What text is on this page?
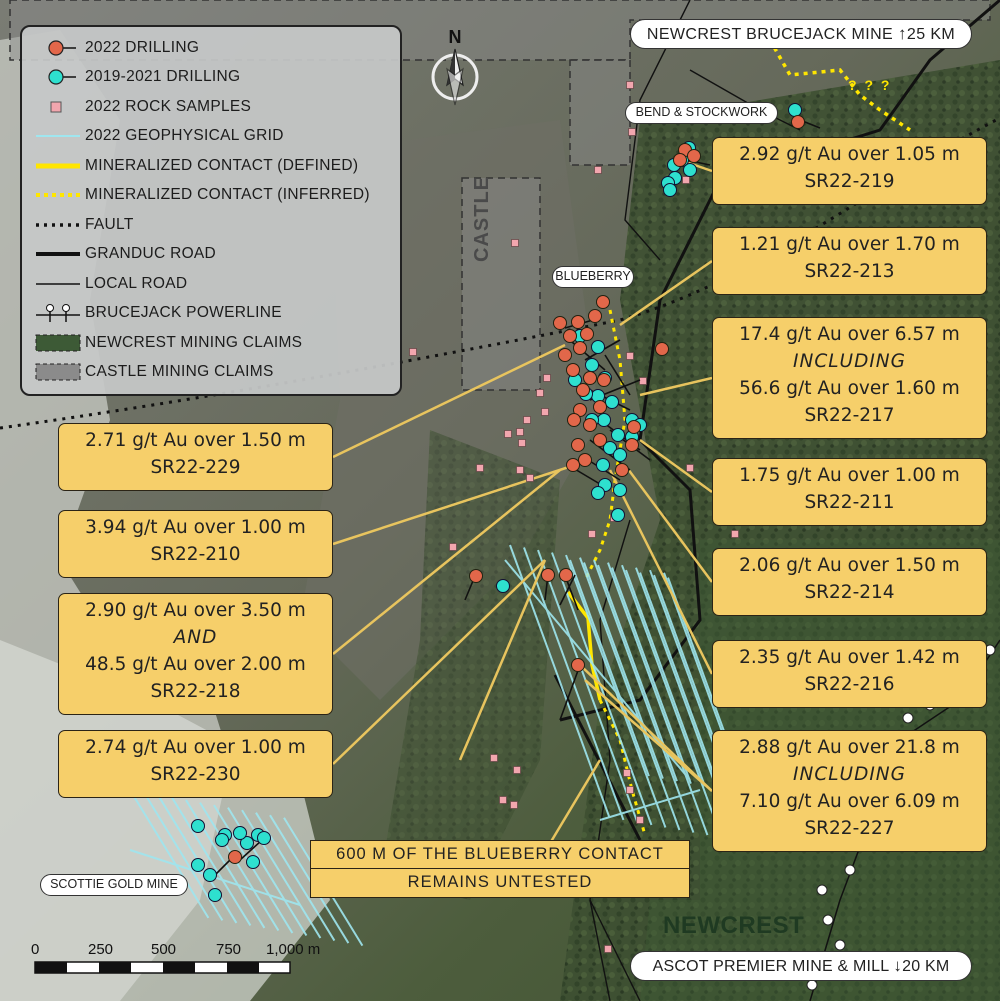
CASTLE
NEWCREST
? ? ?
N
2022 DRILLING
2019-2021 DRILLING
2022 ROCK SAMPLES
2022 GEOPHYSICAL GRID
MINERALIZED CONTACT (DEFINED)
MINERALIZED CONTACT (INFERRED)
FAULT
GRANDUC ROAD
LOCAL ROAD
BRUCEJACK POWERLINE
NEWCREST MINING CLAIMS
CASTLE MINING CLAIMS
NEWCREST BRUCEJACK MINE ↑25 KM
ASCOT PREMIER MINE & MILL ↓20 KM
BEND & STOCKWORK
BLUEBERRY
SCOTTIE GOLD MINE
2.71 g/t Au over 1.50 m
SR22-229
3.94 g/t Au over 1.00 m
SR22-210
2.90 g/t Au over 3.50 m
AND
48.5 g/t Au over 2.00 m
SR22-218
2.74 g/t Au over 1.00 m
SR22-230
2.92 g/t Au over 1.05 m
SR22-219
1.21 g/t Au over 1.70 m
SR22-213
17.4 g/t Au over 6.57 m
INCLUDING
56.6 g/t Au over 1.60 m
SR22-217
1.75 g/t Au over 1.00 m
SR22-211
2.06 g/t Au over 1.50 m
SR22-214
2.35 g/t Au over 1.42 m
SR22-216
2.88 g/t Au over 21.8 m
INCLUDING
7.10 g/t Au over 6.09 m
SR22-227
600 M OF THE BLUEBERRY CONTACT
REMAINS UNTESTED
0	250	500	750 1,000 m
